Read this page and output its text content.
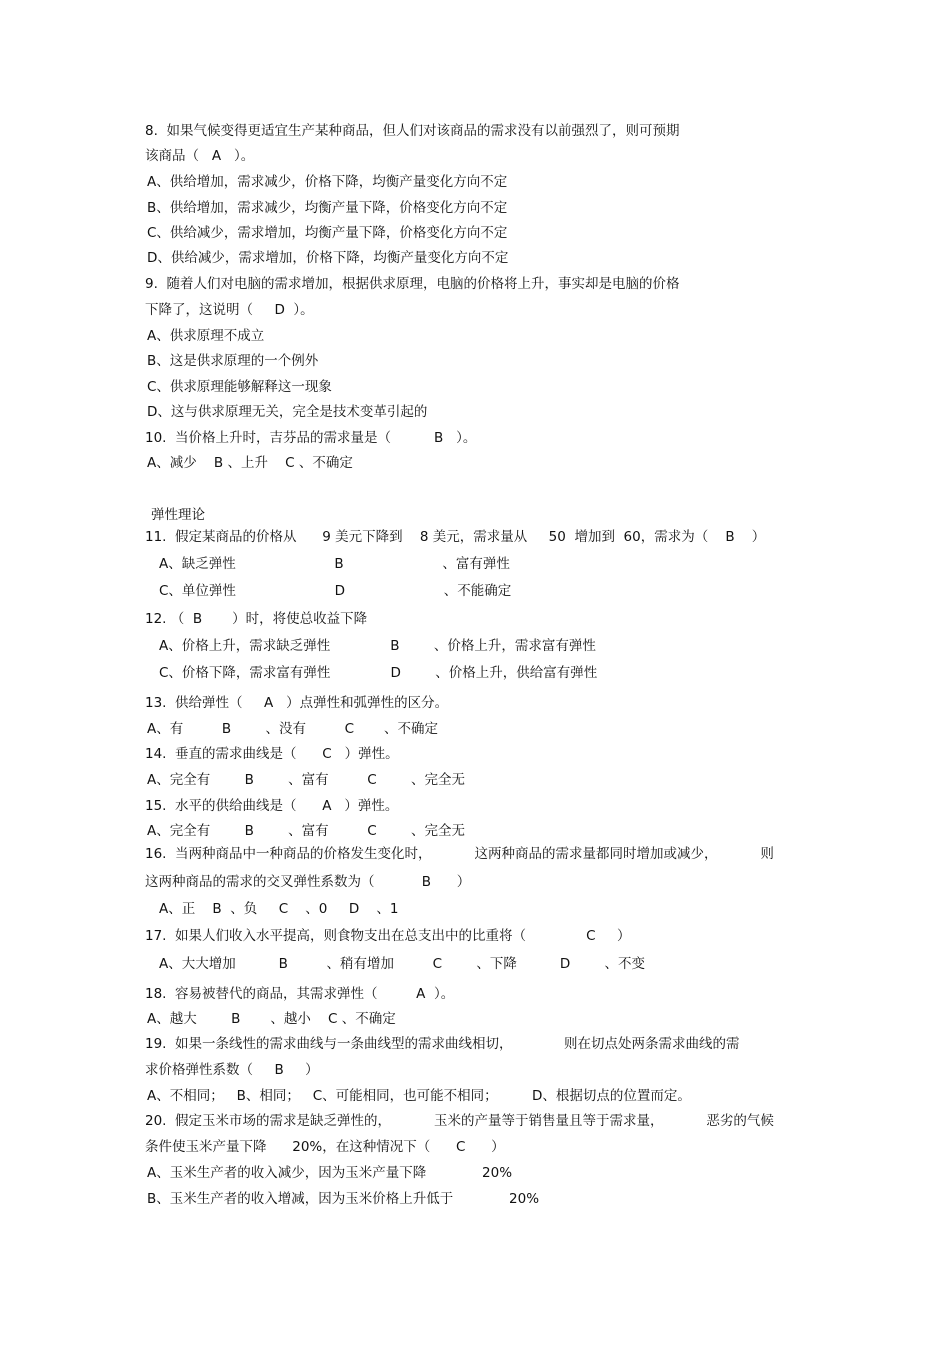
8.  如果气候变得更适宜生产某种商品，但人们对该商品的需求没有以前强烈了，则可预期
该商品（   A   ）。
A、供给增加，需求减少，价格下降，均衡产量变化方向不定
B、供给增加，需求减少，均衡产量下降，价格变化方向不定
C、供给减少，需求增加，均衡产量下降，价格变化方向不定
D、供给减少，需求增加，价格下降，均衡产量变化方向不定
9.  随着人们对电脑的需求增加，根据供求原理，电脑的价格将上升，事实却是电脑的价格
下降了，这说明（     D  ）。
A、供求原理不成立
B、这是供求原理的一个例外
C、供求原理能够解释这一现象
D、这与供求原理无关，完全是技术变革引起的
10.  当价格上升时，吉芬品的需求量是（          B   ）。
A、减少    B 、上升    C 、不确定
弹性理论
11.  假定某商品的价格从      9 美元下降到    8 美元，需求量从     50  增加到  60，需求为（    B    ）
A、缺乏弹性                       B                       、富有弹性
C、单位弹性                       D                       、不能确定
12. （  B       ）时，将使总收益下降
A、价格上升，需求缺乏弹性              B        、价格上升，需求富有弹性
C、价格下降，需求富有弹性              D        、价格上升，供给富有弹性
13.  供给弹性（     A   ）点弹性和弧弹性的区分。
A、有         B        、没有         C       、不确定
14.  垂直的需求曲线是（      C   ）弹性。
A、完全有        B        、富有         C        、完全无
15.  水平的供给曲线是（      A   ）弹性。
A、完全有        B        、富有         C        、完全无
16.  当两种商品中一种商品的价格发生变化时，          这两种商品的需求量都同时增加或减少，          则
这两种商品的需求的交叉弹性系数为（           B      ）
A、正    B  、负     C    、0     D    、1
17.  如果人们收入水平提高，则食物支出在总支出中的比重将（              C     ）
A、大大增加          B         、稍有增加         C        、下降          D        、不变
18.  容易被替代的商品，其需求弹性（         A  ）。
A、越大        B       、越小    C 、不确定
19.  如果一条线性的需求曲线与一条曲线型的需求曲线相切，            则在切点处两条需求曲线的需
求价格弹性系数（     B     ）
A、不相同；   B、相同；   C、可能相同，也可能不相同；        D、根据切点的位置而定。
20.  假定玉米市场的需求是缺乏弹性的，          玉米的产量等于销售量且等于需求量，          恶劣的气候
条件使玉米产量下降      20%，在这种情况下（      C      ）
A、玉米生产者的收入减少，因为玉米产量下降             20%
B、玉米生产者的收入增减，因为玉米价格上升低于             20%
